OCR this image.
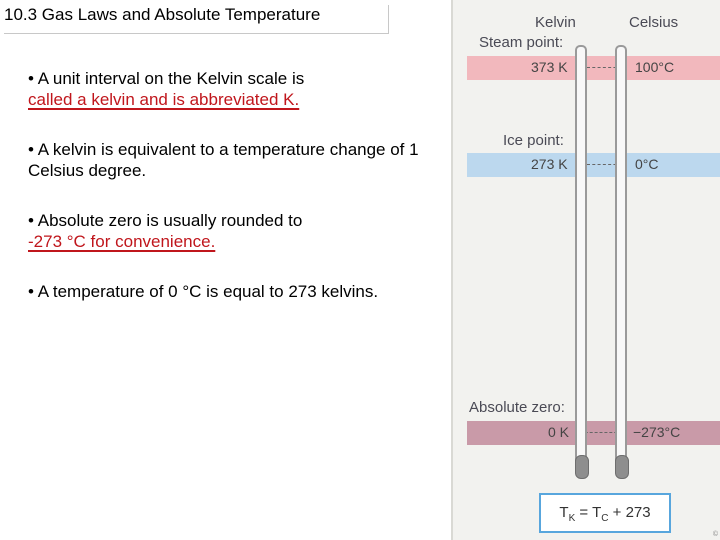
10.3 Gas Laws and Absolute Temperature
• A unit interval on the Kelvin scale is
called a kelvin and is abbreviated K.
• A kelvin is equivalent to a temperature change of 1 Celsius degree.
• Absolute zero is usually rounded to
-273 °C for convenience.
• A temperature of 0 °C is equal to 273 kelvins.
Kelvin	Celsius
Steam point:
373 K	100°C
Ice point:
273 K	0°C
Absolute zero:
0 K	−273°C
$T_K = T_C + 273$
©
